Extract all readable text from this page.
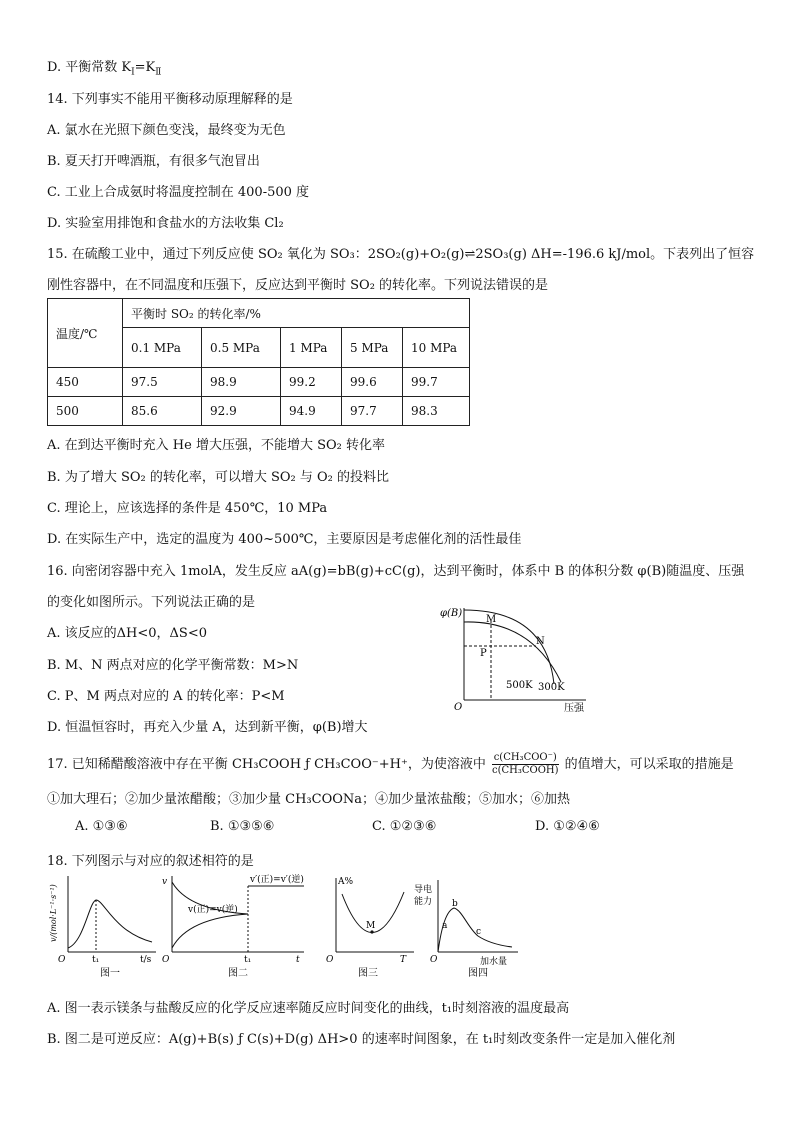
D. 平衡常数 $K_Ⅰ=K_Ⅱ$
14. 下列事实不能用平衡移动原理解释的是
A. 氯水在光照下颜色变浅，最终变为无色
B. 夏天打开啤酒瓶，有很多气泡冒出
C. 工业上合成氨时将温度控制在 400-500 度
D. 实验室用排饱和食盐水的方法收集 Cl₂
15. 在硫酸工业中，通过下列反应使 SO₂ 氧化为 SO₃：2SO₂(g)+O₂(g)⇌2SO₃(g) ΔH=-196.6 kJ/mol。下表列出了恒容
刚性容器中，在不同温度和压强下，反应达到平衡时 SO₂ 的转化率。下列说法错误的是
温度/℃	平衡时 SO₂ 的转化率/%				
	0.1 MPa	0.5 MPa	1 MPa	5 MPa	10 MPa
450	97.5	98.9	99.2	99.6	99.7
500	85.6	92.9	94.9	97.7	98.3
A. 在到达平衡时充入 He 增大压强，不能增大 SO₂ 转化率
B. 为了增大 SO₂ 的转化率，可以增大 SO₂ 与 O₂ 的投料比
C. 理论上，应该选择的条件是 450℃，10 MPa
D. 在实际生产中，选定的温度为 400~500℃，主要原因是考虑催化剂的活性最佳
16. 向密闭容器中充入 1molA，发生反应 aA(g)=bB(g)+cC(g)，达到平衡时，体系中 B 的体积分数 φ(B)随温度、压强
的变化如图所示。下列说法正确的是
A. 该反应的ΔH<0，ΔS<0
B. M、N 两点对应的化学平衡常数：M>N
C. P、M 两点对应的 A 的转化率：P<M
D. 恒温恒容时，再充入少量 A，达到新平衡，φ(B)增大
φ(B)
M
N
P
500K 300K
O	压强
17. 已知稀醋酸溶液中存在平衡 CH₃COOH ƒ CH₃COO⁻+H⁺，为使溶液中 c(CH₃COO⁻)
c(CH₃COOH) 的值增大，可以采取的措施是
①加大理石；②加少量浓醋酸；③加少量 CH₃COONa；④加少量浓盐酸；⑤加水；⑥加热
A. ①③⑥	B. ①③⑤⑥	C. ①②③⑥	D. ①②④⑥
18. 下列图示与对应的叙述相符的是
v/(mol·L⁻¹·s⁻¹)
O	t₁	t/s
图一
v
v(正)=v(逆)
v′(正)=v′(逆)
O	t₁	t
图二
A%
M
O	T
图三
导电
能力
a
b
c
O	加水量
图四
A. 图一表示镁条与盐酸反应的化学反应速率随反应时间变化的曲线，t₁时刻溶液的温度最高
B. 图二是可逆反应：A(g)+B(s) ƒ C(s)+D(g) ΔH>0 的速率时间图象，在 t₁时刻改变条件一定是加入催化剂
